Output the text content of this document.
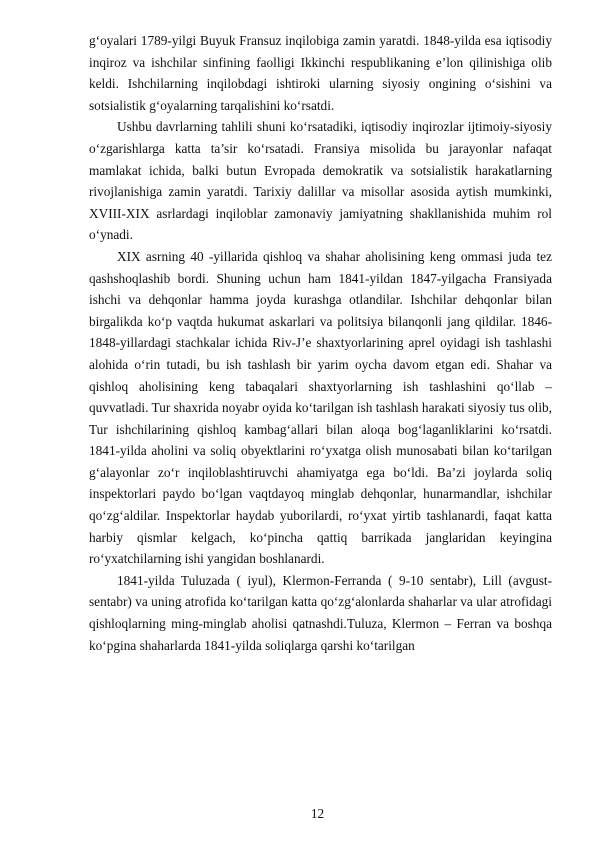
g‘oyalari 1789-yilgi Buyuk Fransuz inqilobiga zamin yaratdi. 1848-yilda esa iqtisodiy inqiroz va ishchilar sinfining faolligi Ikkinchi respublikaning e’lon qilinishiga olib keldi. Ishchilarning inqilobdagi ishtiroki ularning siyosiy ongining o‘sishini va sotsialistik g‘oyalarning tarqalishini ko‘rsatdi.

Ushbu davrlarning tahlili shuni ko‘rsatadiki, iqtisodiy inqirozlar ijtimoiy-siyosiy o‘zgarishlarga katta ta’sir ko‘rsatadi. Fransiya misolida bu jarayonlar nafaqat mamlakat ichida, balki butun Evropada demokratik va sotsialistik harakatlarning rivojlanishiga zamin yaratdi. Tarixiy dalillar va misollar asosida aytish mumkinki, XVIII-XIX asrlardagi inqiloblar zamonaviy jamiyatning shakllanishida muhim rol o‘ynadi.

XIX asrning 40 -yillarida qishloq va shahar aholisining keng ommasi juda tez qashshoqlashib bordi. Shuning uchun ham 1841-yildan 1847-yilgacha Fransiyada ishchi va dehqonlar hamma joyda kurashga otlandilar. Ishchilar dehqonlar bilan birgalikda ko‘p vaqtda hukumat askarlari va politsiya bilanqonli jang qildilar. 1846-1848-yillardagi stachkalar ichida Riv-J’e shaxtyorlarining aprel oyidagi ish tashlashi alohida o‘rin tutadi, bu ish tashlash bir yarim oycha davom etgan edi. Shahar va qishloq aholisining keng tabaqalari shaxtyorlarning ish tashlashini qo‘llab – quvvatladi. Tur shaxrida noyabr oyida ko‘tarilgan ish tashlash harakati siyosiy tus olib, Tur ishchilarining qishloq kambag‘allari bilan aloqa bog‘laganliklarini ko‘rsatdi. 1841-yilda aholini va soliq obyektlarini ro‘yxatga olish munosabati bilan ko‘tarilgan g‘alayonlar zo‘r inqiloblashtiruvchi ahamiyatga ega bo‘ldi. Ba’zi joylarda soliq inspektorlari paydo bo‘lgan vaqtdayoq minglab dehqonlar, hunarmandlar, ishchilar qo‘zg‘aldilar. Inspektorlar haydab yuborilardi, ro‘yxat yirtib tashlanardi, faqat katta harbiy qismlar kelgach, ko‘pincha qattiq barrikada janglaridan keyingina ro‘yxatchilarning ishi yangidan boshlanardi.

1841-yilda Tuluzada ( iyul), Klermon-Ferranda ( 9-10 sentabr), Lill (avgust-sentabr) va uning atrofida ko‘tarilgan katta qo‘zg‘alonlarda shaharlar va ular atrofidagi qishloqlarning ming-minglab aholisi qatnashdi.Tuluza, Klermon – Ferran va boshqa ko‘pgina shaharlarda 1841-yilda soliqlarga qarshi ko‘tarilgan

12
